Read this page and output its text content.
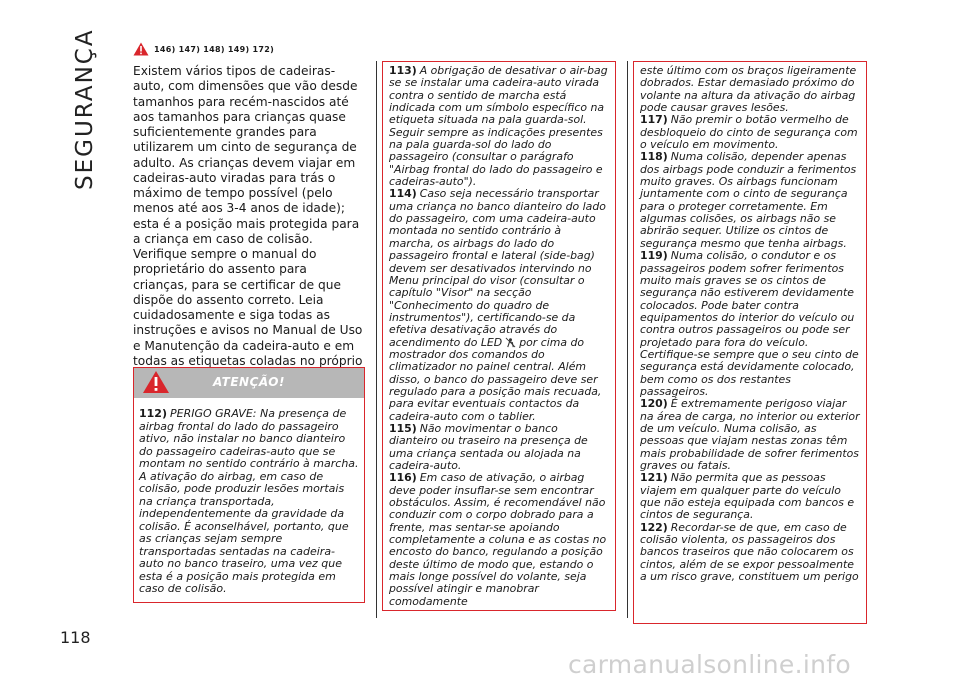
SEGURANÇA	146) 147) 148) 149) 172)

Existem vários tipos de cadeiras-auto, com dimensões que vão desde tamanhos para recém-nascidos até aos tamanhos para crianças quase suficientemente grandes para utilizarem um cinto de segurança de adulto. As crianças devem viajar em cadeiras-auto viradas para trás o máximo de tempo possível (pelo menos até aos 3-4 anos de idade); esta é a posição mais protegida para a criança em caso de colisão. Verifique sempre o manual do proprietário do assento para crianças, para se certificar de que dispõe do assento correto. Leia cuidadosamente e siga todas as instruções e avisos no Manual de Uso e Manutenção da cadeira-auto e em todas as etiquetas coladas no próprio

ATENÇÃO!

112) PERIGO GRAVE: Na presença de airbag frontal do lado do passageiro ativo, não instalar no banco dianteiro do passageiro cadeiras-auto que se montam no sentido contrário à marcha. A ativação do airbag, em caso de colisão, pode produzir lesões mortais na criança transportada, independentemente da gravidade da colisão. É aconselhável, portanto, que as crianças sejam sempre transportadas sentadas na cadeira-auto no banco traseiro, uma vez que esta é a posição mais protegida em caso de colisão.

113) A obrigação de desativar o air-bag se se instalar uma cadeira-auto virada contra o sentido de marcha está indicada com um símbolo específico na etiqueta situada na pala guarda-sol. Seguir sempre as indicações presentes na pala guarda-sol do lado do passageiro (consultar o parágrafo "Airbag frontal do lado do passageiro e cadeiras-auto").

114) Caso seja necessário transportar uma criança no banco dianteiro do lado do passageiro, com uma cadeira-auto montada no sentido contrário à marcha, os airbags do lado do passageiro frontal e lateral (side-bag) devem ser desativados intervindo no Menu principal do visor (consultar o capítulo "Visor" na secção "Conhecimento do quadro de instrumentos"), certificando-se da efetiva desativação através do acendimento do LED por cima do mostrador dos comandos do climatizador no painel central. Além disso, o banco do passageiro deve ser regulado para a posição mais recuada, para evitar eventuais contactos da cadeira-auto com o tablier.

115) Não movimentar o banco dianteiro ou traseiro na presença de uma criança sentada ou alojada na cadeira-auto.

116) Em caso de ativação, o airbag deve poder insuflar-se sem encontrar obstáculos. Assim, é recomendável não conduzir com o corpo dobrado para a frente, mas sentar-se apoiando completamente a coluna e as costas no encosto do banco, regulando a posição deste último de modo que, estando o mais longe possível do volante, seja possível atingir e manobrar comodamente

este último com os braços ligeiramente dobrados. Estar demasiado próximo do volante na altura da ativação do airbag pode causar graves lesões.

117) Não premir o botão vermelho de desbloqueio do cinto de segurança com o veículo em movimento.

118) Numa colisão, depender apenas dos airbags pode conduzir a ferimentos muito graves. Os airbags funcionam juntamente com o cinto de segurança para o proteger corretamente. Em algumas colisões, os airbags não se abrirão sequer. Utilize os cintos de segurança mesmo que tenha airbags.

119) Numa colisão, o condutor e os passageiros podem sofrer ferimentos muito mais graves se os cintos de segurança não estiverem devidamente colocados. Pode bater contra equipamentos do interior do veículo ou contra outros passageiros ou pode ser projetado para fora do veículo. Certifique-se sempre que o seu cinto de segurança está devidamente colocado, bem como os dos restantes passageiros.

120) É extremamente perigoso viajar na área de carga, no interior ou exterior de um veículo. Numa colisão, as pessoas que viajam nestas zonas têm mais probabilidade de sofrer ferimentos graves ou fatais.

121) Não permita que as pessoas viajem em qualquer parte do veículo que não esteja equipada com bancos e cintos de segurança.

122) Recordar-se de que, em caso de colisão violenta, os passageiros dos bancos traseiros que não colocarem os cintos, além de se expor pessoalmente a um risco grave, constituem um perigo

118
carmanualsonline.info
